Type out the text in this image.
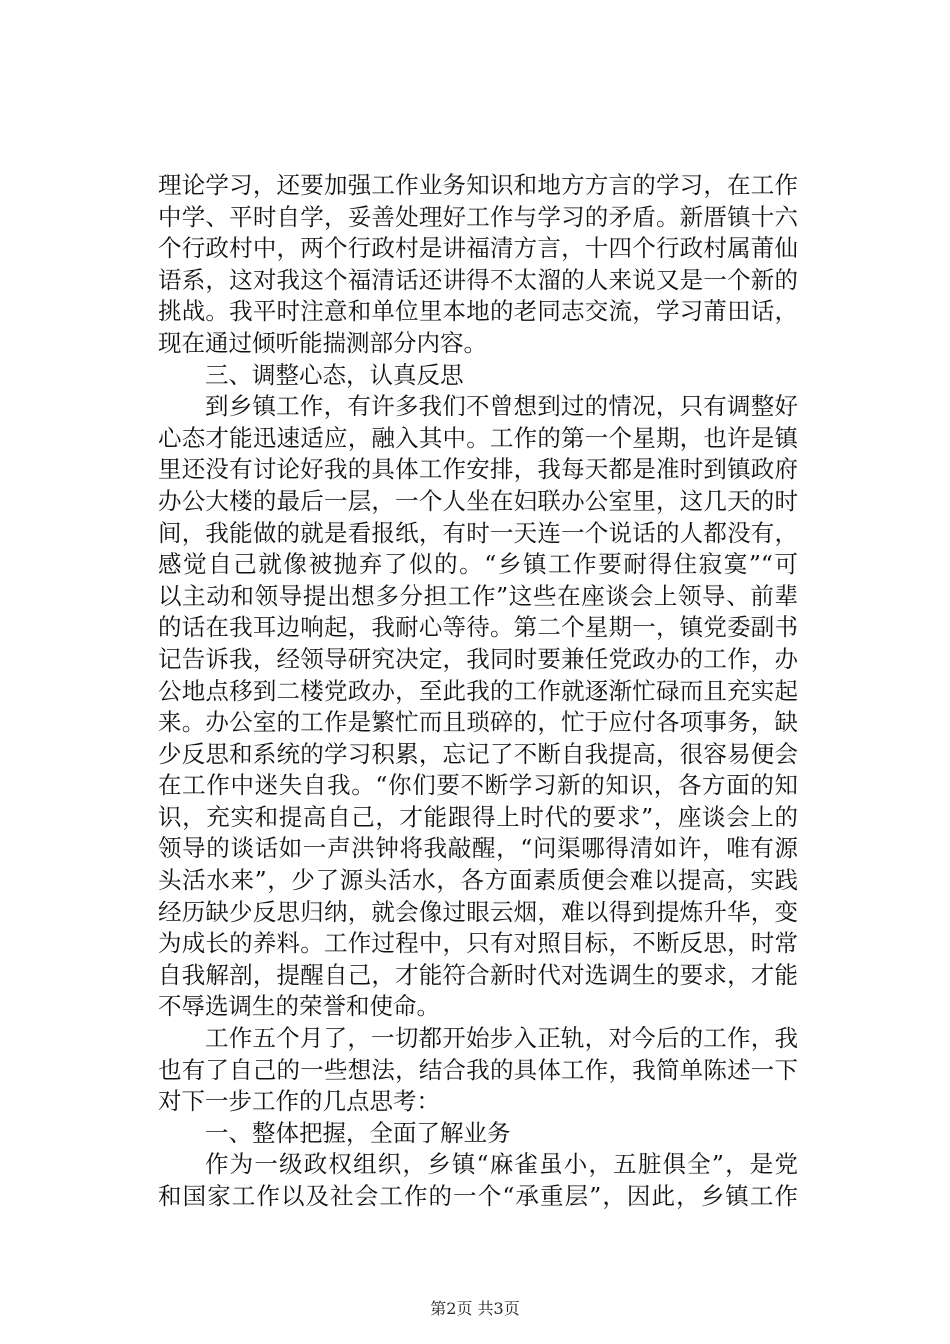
理论学习，还要加强工作业务知识和地方方言的学习，在工作
中学、平时自学，妥善处理好工作与学习的矛盾。新厝镇十六
个行政村中，两个行政村是讲福清方言，十四个行政村属莆仙
语系，这对我这个福清话还讲得不太溜的人来说又是一个新的
挑战。我平时注意和单位里本地的老同志交流，学习莆田话，
现在通过倾听能揣测部分内容。
三、调整心态，认真反思
到乡镇工作，有许多我们不曾想到过的情况，只有调整好
心态才能迅速适应，融入其中。工作的第一个星期，也许是镇
里还没有讨论好我的具体工作安排，我每天都是准时到镇政府
办公大楼的最后一层，一个人坐在妇联办公室里，这几天的时
间，我能做的就是看报纸，有时一天连一个说话的人都没有，
感觉自己就像被抛弃了似的。“乡镇工作要耐得住寂寞”“可
以主动和领导提出想多分担工作”这些在座谈会上领导、前辈
的话在我耳边响起，我耐心等待。第二个星期一，镇党委副书
记告诉我，经领导研究决定，我同时要兼任党政办的工作，办
公地点移到二楼党政办，至此我的工作就逐渐忙碌而且充实起
来。办公室的工作是繁忙而且琐碎的，忙于应付各项事务，缺
少反思和系统的学习积累，忘记了不断自我提高，很容易便会
在工作中迷失自我。“你们要不断学习新的知识，各方面的知
识，充实和提高自己，才能跟得上时代的要求”，座谈会上的
领导的谈话如一声洪钟将我敲醒，“问渠哪得清如许，唯有源
头活水来”，少了源头活水，各方面素质便会难以提高，实践
经历缺少反思归纳，就会像过眼云烟，难以得到提炼升华，变
为成长的养料。工作过程中，只有对照目标，不断反思，时常
自我解剖，提醒自己，才能符合新时代对选调生的要求，才能
不辱选调生的荣誉和使命。
工作五个月了，一切都开始步入正轨，对今后的工作，我
也有了自己的一些想法，结合我的具体工作，我简单陈述一下
对下一步工作的几点思考：
一、整体把握，全面了解业务
作为一级政权组织，乡镇“麻雀虽小，五脏俱全”，是党
和国家工作以及社会工作的一个“承重层”，因此，乡镇工作
第2页 共3页
